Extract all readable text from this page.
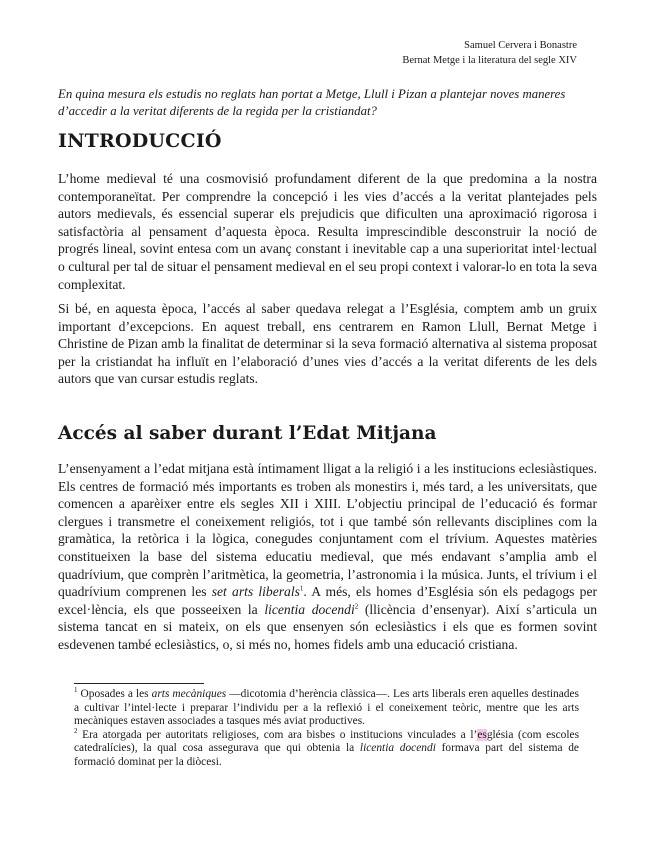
Samuel Cervera i Bonastre
Bernat Metge i la literatura del segle XIV
En quina mesura els estudis no reglats han portat a Metge, Llull i Pizan a plantejar noves maneres d’accedir a la veritat diferents de la regida per la cristiandat?
INTRODUCCIÓ

L’home medieval té una cosmovisió profundament diferent de la que predomina a la nostra contemporaneïtat. Per comprendre la concepció i les vies d’accés a la veritat plantejades pels autors medievals, és essencial superar els prejudicis que dificulten una aproximació rigorosa i satisfactòria al pensament d’aquesta època. Resulta imprescindible desconstruir la noció de progrés lineal, sovint entesa com un avanç constant i inevitable cap a una superioritat intel·lectual o cultural per tal de situar el pensament medieval en el seu propi context i valorar-lo en tota la seva complexitat.

Si bé, en aquesta època, l’accés al saber quedava relegat a l’Església, comptem amb un gruix important d’excepcions. En aquest treball, ens centrarem en Ramon Llull, Bernat Metge i Christine de Pizan amb la finalitat de determinar si la seva formació alternativa al sistema proposat per la cristiandat ha influït en l’elaboració d’unes vies d’accés a la veritat diferents de les dels autors que van cursar estudis reglats.

Accés al saber durant l’Edat Mitjana

L’ensenyament a l’edat mitjana està íntimament lligat a la religió i a les institucions eclesiàstiques. Els centres de formació més importants es troben als monestirs i, més tard, a les universitats, que comencen a aparèixer entre els segles XII i XIII. L’objectiu principal de l’educació és formar clergues i transmetre el coneixement religiós, tot i que també són rellevants disciplines com la gramàtica, la retòrica i la lògica, conegudes conjuntament com el trívium. Aquestes matèries constitueixen la base del sistema educatiu medieval, que més endavant s’amplia amb el quadrívium, que comprèn l’aritmètica, la geometria, l’astronomia i la música. Junts, el trívium i el quadrívium comprenen les set arts liberals$^1$. A més, els homes d’Església són els pedagogs per excel·lència, els que posseeixen la licentia docendi$^2$ (llicència d’ensenyar). Així s’articula un sistema tancat en si mateix, on els que ensenyen són eclesiàstics i els que es formen sovint esdevenen també eclesiàstics, o, si més no, homes fidels amb una educació cristiana.

$^1$ Oposades a les arts mecàniques —dicotomia d’herència clàssica—. Les arts liberals eren aquelles destinades a cultivar l’intel·lecte i preparar l’individu per a la reflexió i el coneixement teòric, mentre que les arts mecàniques estaven associades a tasques més aviat productives.

$^2$ Era atorgada per autoritats religioses, com ara bisbes o institucions vinculades a l’església (com escoles catedralícies), la qual cosa assegurava que qui obtenia la licentia docendi formava part del sistema de formació dominat per la diòcesi.
